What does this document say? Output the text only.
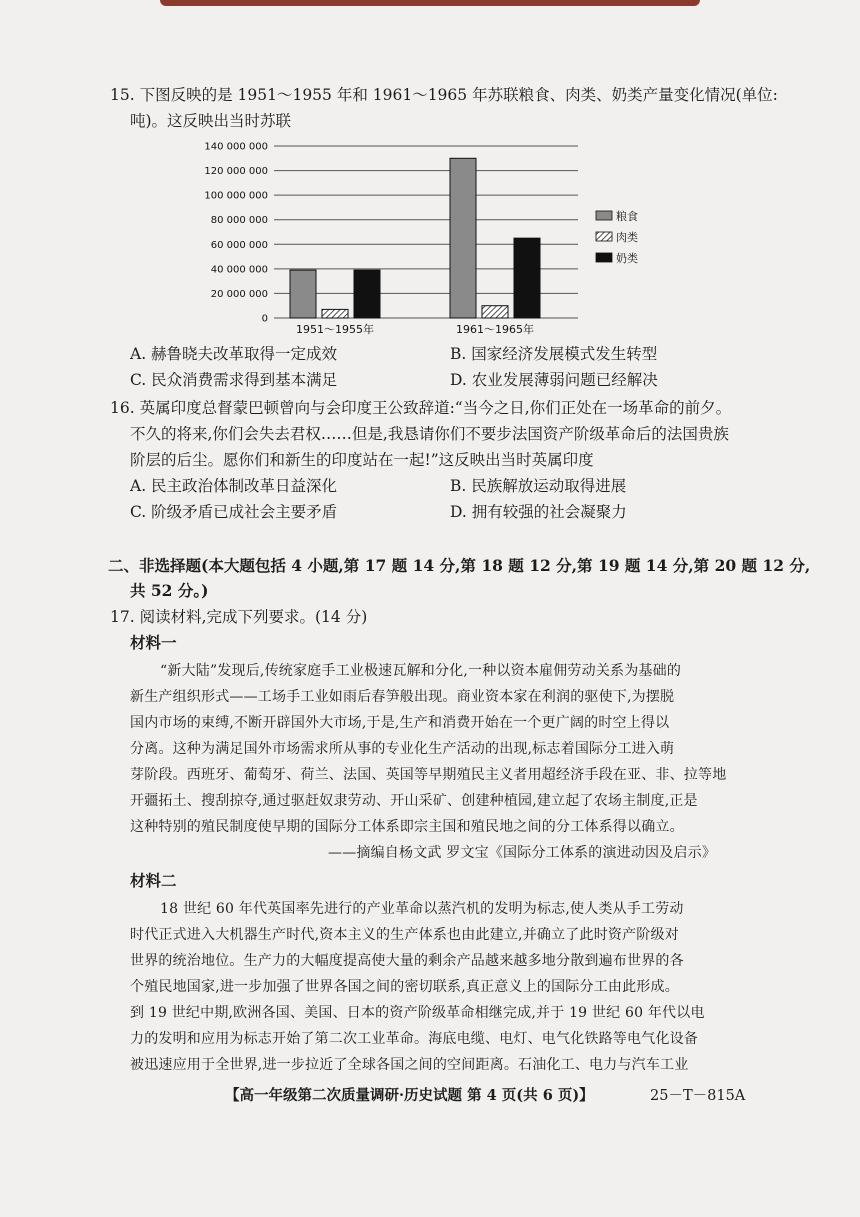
15. 下图反映的是 1951～1955 年和 1961～1965 年苏联粮食、肉类、奶类产量变化情况(单位:
吨)。这反映出当时苏联
0
20 000 000
40 000 000
60 000 000
80 000 000
100 000 000
120 000 000
140 000 000
1951～1955年	1961～1965年
粮食
肉类
奶类
A. 赫鲁晓夫改革取得一定成效	B. 国家经济发展模式发生转型
C. 民众消费需求得到基本满足	D. 农业发展薄弱问题已经解决
16. 英属印度总督蒙巴顿曾向与会印度王公致辞道:“当今之日,你们正处在一场革命的前夕。
不久的将来,你们会失去君权……但是,我恳请你们不要步法国资产阶级革命后的法国贵族
阶层的后尘。愿你们和新生的印度站在一起!”这反映出当时英属印度
A. 民主政治体制改革日益深化	B. 民族解放运动取得进展
C. 阶级矛盾已成社会主要矛盾	D. 拥有较强的社会凝聚力
二、非选择题(本大题包括 4 小题,第 17 题 14 分,第 18 题 12 分,第 19 题 14 分,第 20 题 12 分,
共 52 分。)
17. 阅读材料,完成下列要求。(14 分)
材料一
“新大陆”发现后,传统家庭手工业极速瓦解和分化,一种以资本雇佣劳动关系为基础的
新生产组织形式——工场手工业如雨后春笋般出现。商业资本家在利润的驱使下,为摆脱
国内市场的束缚,不断开辟国外大市场,于是,生产和消费开始在一个更广阔的时空上得以
分离。这种为满足国外市场需求所从事的专业化生产活动的出现,标志着国际分工进入萌
芽阶段。西班牙、葡萄牙、荷兰、法国、英国等早期殖民主义者用超经济手段在亚、非、拉等地
开疆拓土、搜刮掠夺,通过驱赶奴隶劳动、开山采矿、创建种植园,建立起了农场主制度,正是
这种特别的殖民制度使早期的国际分工体系即宗主国和殖民地之间的分工体系得以确立。
——摘编自杨文武 罗文宝《国际分工体系的演进动因及启示》
材料二
18 世纪 60 年代英国率先进行的产业革命以蒸汽机的发明为标志,使人类从手工劳动
时代正式进入大机器生产时代,资本主义的生产体系也由此建立,并确立了此时资产阶级对
世界的统治地位。生产力的大幅度提高使大量的剩余产品越来越多地分散到遍布世界的各
个殖民地国家,进一步加强了世界各国之间的密切联系,真正意义上的国际分工由此形成。
到 19 世纪中期,欧洲各国、美国、日本的资产阶级革命相继完成,并于 19 世纪 60 年代以电
力的发明和应用为标志开始了第二次工业革命。海底电缆、电灯、电气化铁路等电气化设备
被迅速应用于全世界,进一步拉近了全球各国之间的空间距离。石油化工、电力与汽车工业
【高一年级第二次质量调研·历史试题 第 4 页(共 6 页)】	25－T－815A
